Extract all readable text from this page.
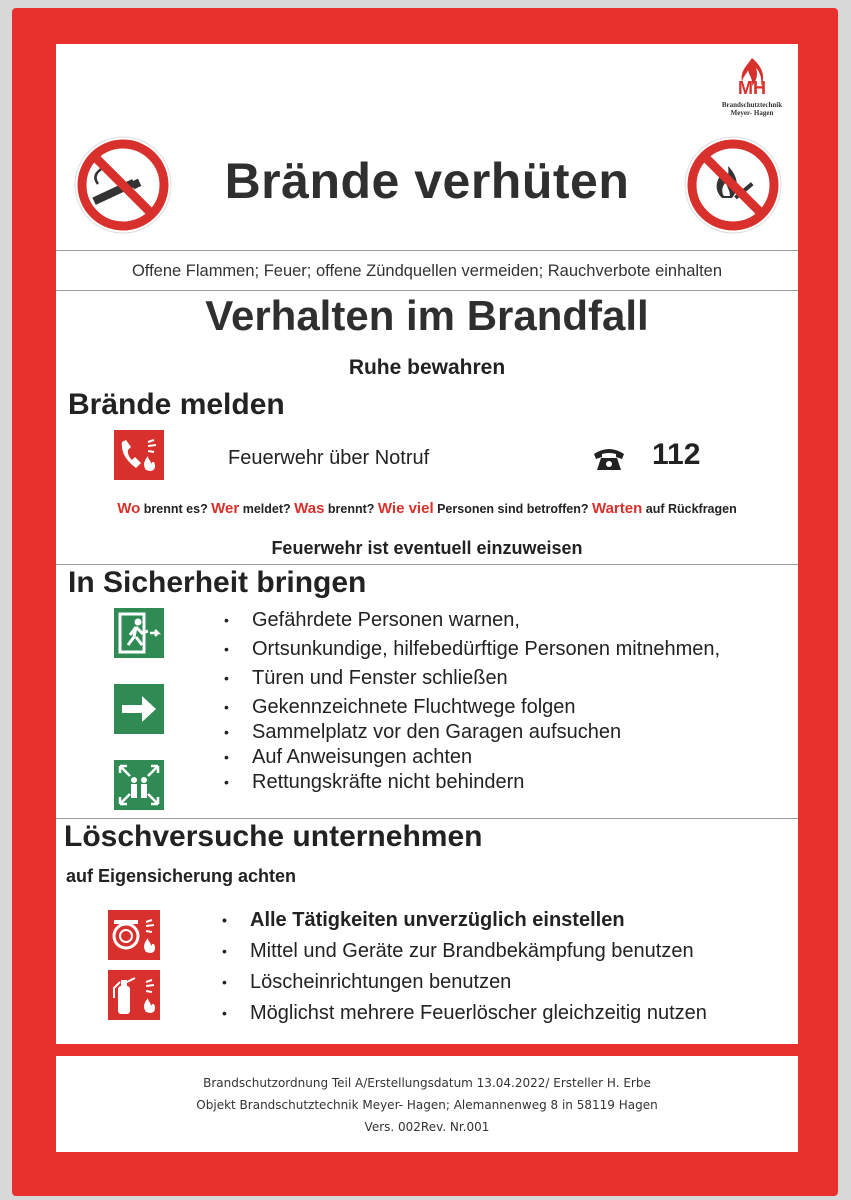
MH
Brandschutztechnik
Meyer- Hagen
Brände verhüten
Offene Flammen; Feuer; offene Zündquellen vermeiden; Rauchverbote einhalten
Verhalten im Brandfall
Ruhe bewahren
Brände melden
Feuerwehr über Notruf	112
Wo brennt es? Wer meldet? Was brennt? Wie viel Personen sind betroffen? Warten auf Rückfragen
Feuerwehr ist eventuell einzuweisen
In Sicherheit bringen
• Gefährdete Personen warnen,
• Ortsunkundige, hilfebedürftige Personen mitnehmen,
• Türen und Fenster schließen
• Gekennzeichnete Fluchtwege folgen
• Sammelplatz vor den Garagen aufsuchen
• Auf Anweisungen achten
• Rettungskräfte nicht behindern
Löschversuche unternehmen
auf Eigensicherung achten
• Alle Tätigkeiten unverzüglich einstellen
• Mittel und Geräte zur Brandbekämpfung benutzen
• Löscheinrichtungen benutzen
• Möglichst mehrere Feuerlöscher gleichzeitig nutzen
Brandschutzordnung Teil A/Erstellungsdatum 13.04.2022/ Ersteller H. Erbe
Objekt Brandschutztechnik Meyer- Hagen; Alemannenweg 8 in 58119 Hagen
Vers. 002Rev. Nr.001
